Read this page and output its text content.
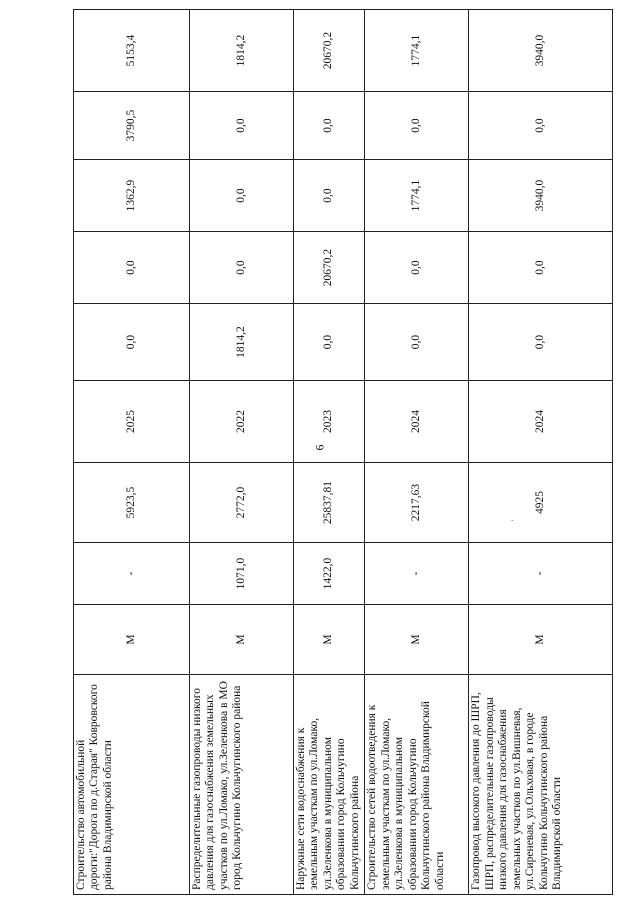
6
.
Строительство автомобильной дороги:"Дорога по д.Старая" Ковровского района Владимирской области	М	-	5923,5	2025	0,0	0,0	1362,9	3790,5	5153,4
Распределительные газопроводы низкого давления для газоснабжения земельных участков по ул.Ломако, ул.Зеленкова в МО город Кольчугино Кольчугинского района	М	1071,0	2772,0	2022	1814,2	0,0	0,0	0,0	1814,2
Наружные сети водоснабжения к земельным участкам по ул.Ломако, ул.Зеленкова в муниципальном образовании город Кольчугино Кольчугинского района	М	1422,0	25837,81	2023	0,0	20670,2	0,0	0,0	20670,2
Строительство сетей водоотведения к земельным участкам по ул.Ломако, ул.Зеленкова в муниципальном образовании город Кольчугино Кольчугинского района Владимирской области	М	-	2217,63	2024	0,0	0,0	1774,1	0,0	1774,1
Газопровод высокого давления до ШРП, ШРП, распределительные газопроводы низкого давления для газоснабжения земельных участков по ул.Вишневая, ул.Сиреневая, ул.Ольховая, в городе Кольчугино Кольчугинского района Владимирской области	М	-	4925	2024	0,0	0,0	3940,0	0,0	3940,0
